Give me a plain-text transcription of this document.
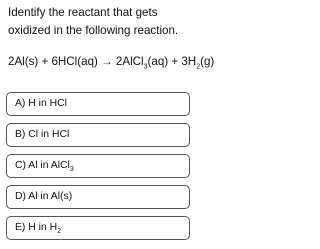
Identify the reactant that gets oxidized in the following reaction.
2Al(s) + 6HCl(aq) → 2AlCl$_3$(aq) + $3H_2(g)$
A) H in HCl
B) Cl in HCl
C) Al in AlCl$_3$
D) Al in Al(s)
E) H in $H_2$
